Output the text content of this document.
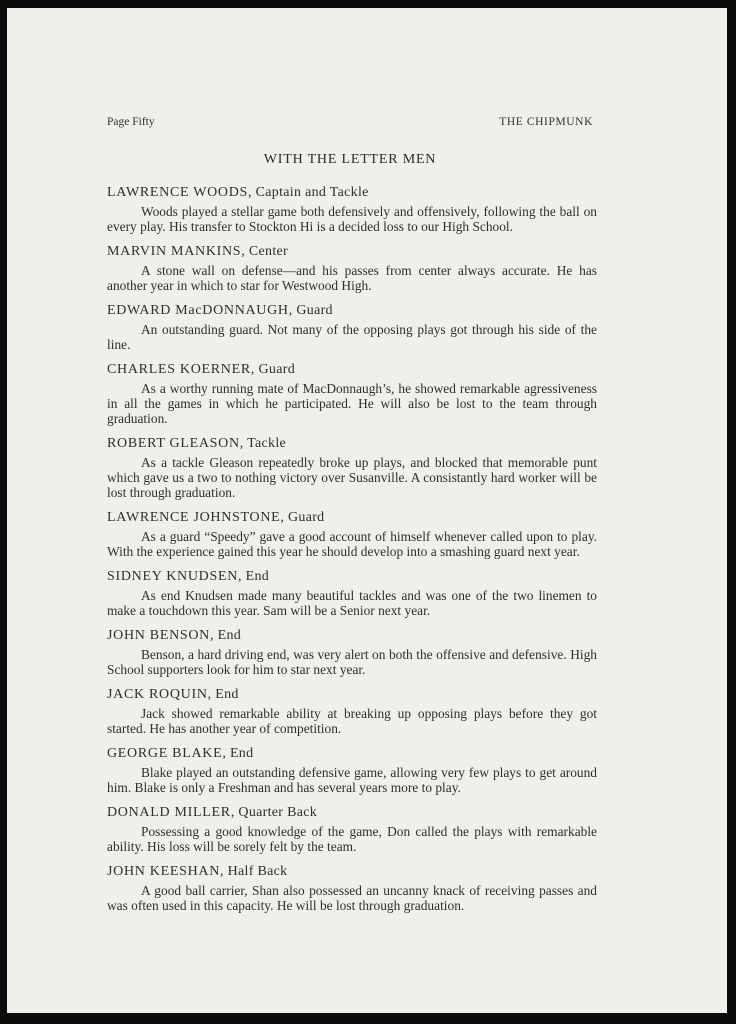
Page Fifty	THE CHIPMUNK
WITH THE LETTER MEN
LAWRENCE WOODS, Captain and Tackle

Woods played a stellar game both defensively and offensively, following the ball on every play. His transfer to Stockton Hi is a decided loss to our High School.

MARVIN MANKINS, Center

A stone wall on defense—and his passes from center always accurate. He has another year in which to star for Westwood High.

EDWARD MacDONNAUGH, Guard

An outstanding guard. Not many of the opposing plays got through his side of the line.

CHARLES KOERNER, Guard

As a worthy running mate of MacDonnaugh’s, he showed remarkable agressiveness in all the games in which he participated. He will also be lost to the team through graduation.

ROBERT GLEASON, Tackle

As a tackle Gleason repeatedly broke up plays, and blocked that memorable punt which gave us a two to nothing victory over Susanville. A consistantly hard worker will be lost through graduation.

LAWRENCE JOHNSTONE, Guard

As a guard “Speedy” gave a good account of himself whenever called upon to play. With the experience gained this year he should develop into a smashing guard next year.

SIDNEY KNUDSEN, End

As end Knudsen made many beautiful tackles and was one of the two linemen to make a touchdown this year. Sam will be a Senior next year.

JOHN BENSON, End

Benson, a hard driving end, was very alert on both the offensive and defensive. High School supporters look for him to star next year.

JACK ROQUIN, End

Jack showed remarkable ability at breaking up opposing plays before they got started. He has another year of competition.

GEORGE BLAKE, End

Blake played an outstanding defensive game, allowing very few plays to get around him. Blake is only a Freshman and has several years more to play.

DONALD MILLER, Quarter Back

Possessing a good knowledge of the game, Don called the plays with remarkable ability. His loss will be sorely felt by the team.

JOHN KEESHAN, Half Back

A good ball carrier, Shan also possessed an uncanny knack of receiving passes and was often used in this capacity. He will be lost through graduation.
